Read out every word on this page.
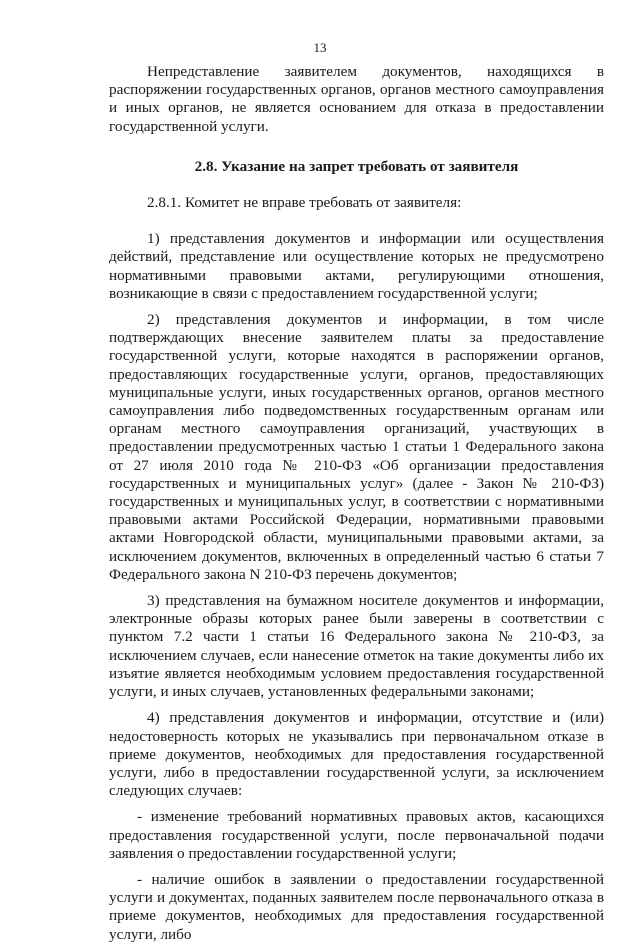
13

Непредставление заявителем документов, находящихся в распоряжении государственных органов, органов местного самоуправления и иных органов, не является основанием для отказа в предоставлении государственной услуги.

2.8. Указание на запрет требовать от заявителя

2.8.1. Комитет не вправе требовать от заявителя:

1) представления документов и информации или осуществления действий, представление или осуществление которых не предусмотрено нормативными правовыми актами, регулирующими отношения, возникающие в связи с предоставлением государственной услуги;

2) представления документов и информации, в том числе подтверждающих внесение заявителем платы за предоставление государственной услуги, которые находятся в распоряжении органов, предоставляющих государственные услуги, органов, предоставляющих муниципальные услуги, иных государственных органов, органов местного самоуправления либо подведомственных государственным органам или органам местного самоуправления организаций, участвующих в предоставлении предусмотренных частью 1 статьи 1 Федерального закона от 27 июля 2010 года № 210-ФЗ «Об организации предоставления государственных и муниципальных услуг» (далее - Закон № 210-ФЗ) государственных и муниципальных услуг, в соответствии с нормативными правовыми актами Российской Федерации, нормативными правовыми актами Новгородской области, муниципальными правовыми актами, за исключением документов, включенных в определенный частью 6 статьи 7 Федерального закона N 210-ФЗ перечень документов;

3) представления на бумажном носителе документов и информации, электронные образы которых ранее были заверены в соответствии с пунктом 7.2 части 1 статьи 16 Федерального закона № 210-ФЗ, за исключением случаев, если нанесение отметок на такие документы либо их изъятие является необходимым условием предоставления государственной услуги, и иных случаев, установленных федеральными законами;

4) представления документов и информации, отсутствие и (или) недостоверность которых не указывались при первоначальном отказе в приеме документов, необходимых для предоставления государственной услуги, либо в предоставлении государственной услуги, за исключением следующих случаев:

- изменение требований нормативных правовых актов, касающихся предоставления государственной услуги, после первоначальной подачи заявления о предоставлении государственной услуги;

- наличие ошибок в заявлении о предоставлении государственной услуги и документах, поданных заявителем после первоначального отказа в приеме документов, необходимых для предоставления государственной услуги, либо
